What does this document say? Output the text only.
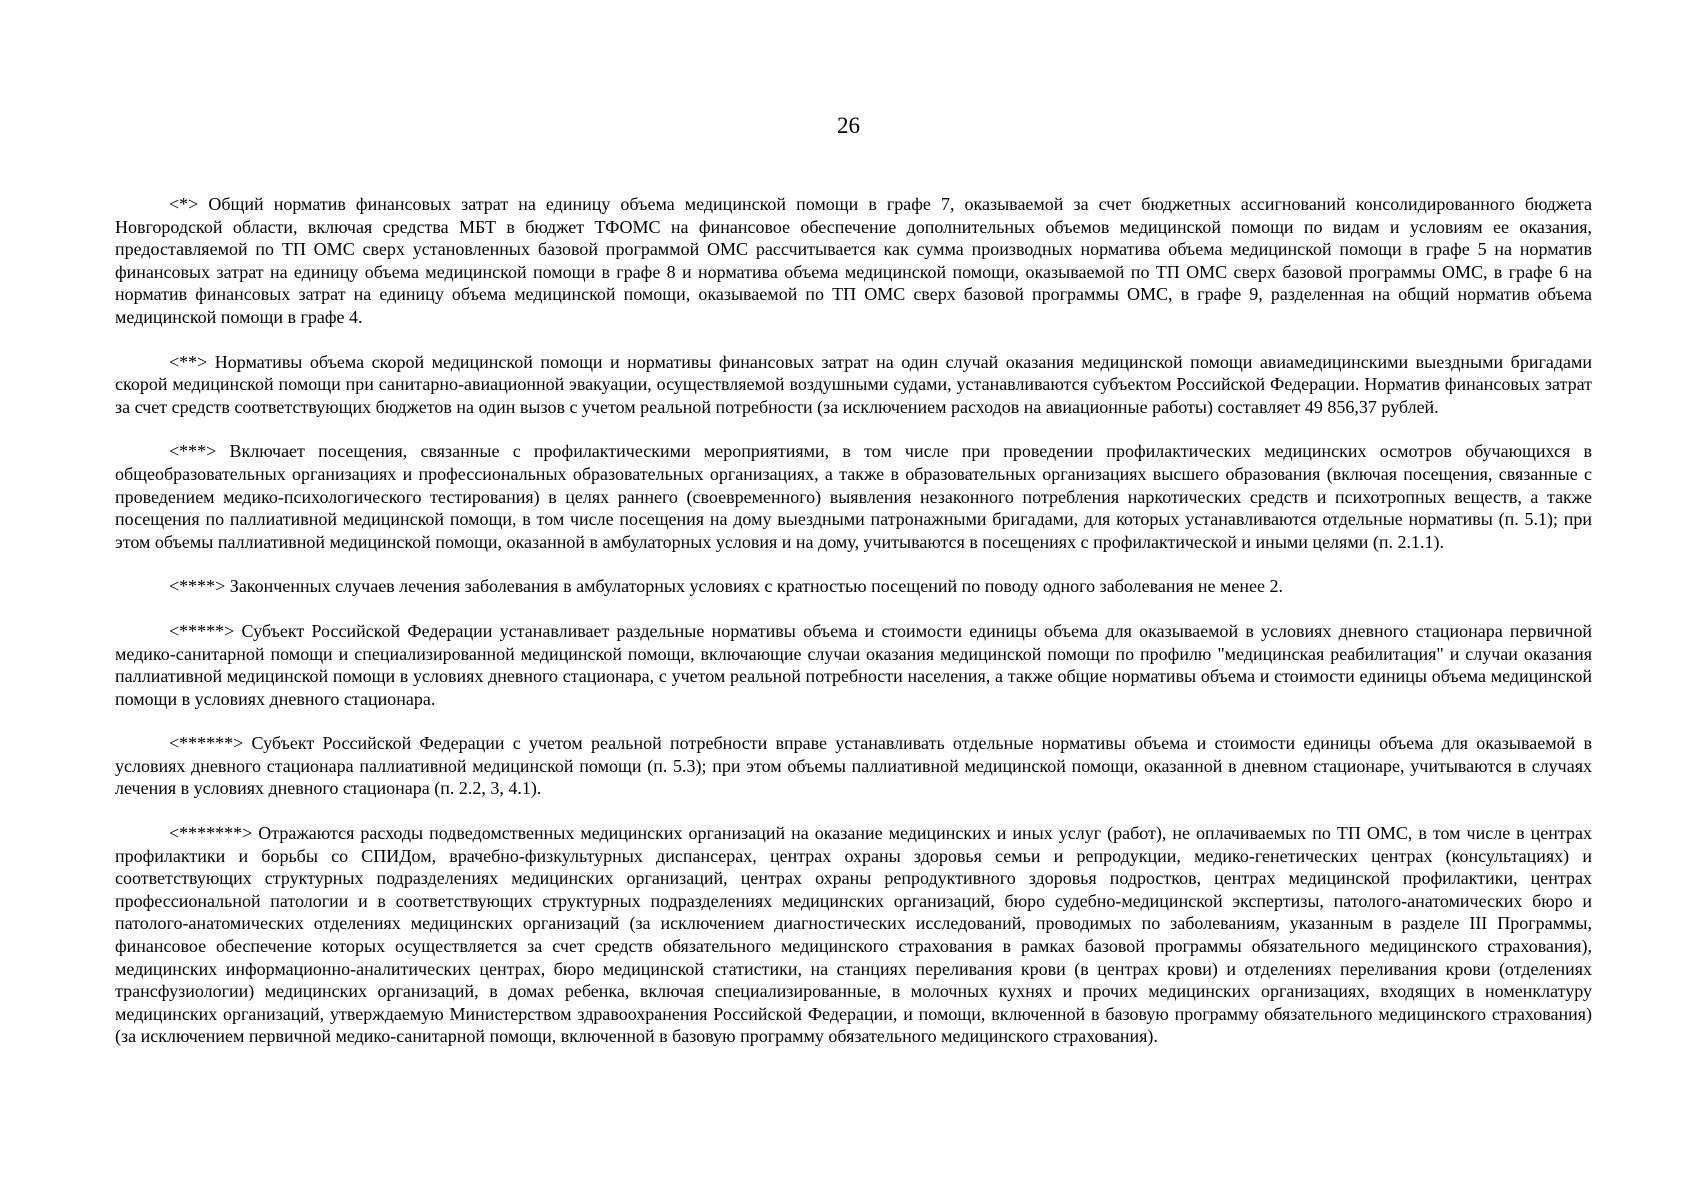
26

<*> Общий норматив финансовых затрат на единицу объема медицинской помощи в графе 7, оказываемой за счет бюджетных ассигнований консолидированного бюджета Новгородской области, включая средства МБТ в бюджет ТФОМС на финансовое обеспечение дополнительных объемов медицинской помощи по видам и условиям ее оказания, предоставляемой по ТП ОМС сверх установленных базовой программой ОМС рассчитывается как сумма производных норматива объема медицинской помощи в графе 5 на норматив финансовых затрат на единицу объема медицинской помощи в графе 8 и норматива объема медицинской помощи, оказываемой по ТП ОМС сверх базовой программы ОМС, в графе 6 на норматив финансовых затрат на единицу объема медицинской помощи, оказываемой по ТП ОМС сверх базовой программы ОМС, в графе 9, разделенная на общий норматив объема медицинской помощи в графе 4.

<**> Нормативы объема скорой медицинской помощи и нормативы финансовых затрат на один случай оказания медицинской помощи авиамедицинскими выездными бригадами скорой медицинской помощи при санитарно-авиационной эвакуации, осуществляемой воздушными судами, устанавливаются субъектом Российской Федерации. Норматив финансовых затрат за счет средств соответствующих бюджетов на один вызов с учетом реальной потребности (за исключением расходов на авиационные работы) составляет 49 856,37 рублей.

<***> Включает посещения, связанные с профилактическими мероприятиями, в том числе при проведении профилактических медицинских осмотров обучающихся в общеобразовательных организациях и профессиональных образовательных организациях, а также в образовательных организациях высшего образования (включая посещения, связанные с проведением медико-психологического тестирования) в целях раннего (своевременного) выявления незаконного потребления наркотических средств и психотропных веществ, а также посещения по паллиативной медицинской помощи, в том числе посещения на дому выездными патронажными бригадами, для которых устанавливаются отдельные нормативы (п. 5.1); при этом объемы паллиативной медицинской помощи, оказанной в амбулаторных условия и на дому, учитываются в посещениях с профилактической и иными целями (п. 2.1.1).

<****> Законченных случаев лечения заболевания в амбулаторных условиях с кратностью посещений по поводу одного заболевания не менее 2.

<*****> Субъект Российской Федерации устанавливает раздельные нормативы объема и стоимости единицы объема для оказываемой в условиях дневного стационара первичной медико-санитарной помощи и специализированной медицинской помощи, включающие случаи оказания медицинской помощи по профилю "медицинская реабилитация" и случаи оказания паллиативной медицинской помощи в условиях дневного стационара, с учетом реальной потребности населения, а также общие нормативы объема и стоимости единицы объема медицинской помощи в условиях дневного стационара.

<******> Субъект Российской Федерации с учетом реальной потребности вправе устанавливать отдельные нормативы объема и стоимости единицы объема для оказываемой в условиях дневного стационара паллиативной медицинской помощи (п. 5.3); при этом объемы паллиативной медицинской помощи, оказанной в дневном стационаре, учитываются в случаях лечения в условиях дневного стационара (п. 2.2, 3, 4.1).

<*******> Отражаются расходы подведомственных медицинских организаций на оказание медицинских и иных услуг (работ), не оплачиваемых по ТП ОМС, в том числе в центрах профилактики и борьбы со СПИДом, врачебно-физкультурных диспансерах, центрах охраны здоровья семьи и репродукции, медико-генетических центрах (консультациях) и соответствующих структурных подразделениях медицинских организаций, центрах охраны репродуктивного здоровья подростков, центрах медицинской профилактики, центрах профессиональной патологии и в соответствующих структурных подразделениях медицинских организаций, бюро судебно-медицинской экспертизы, патолого-анатомических бюро и патолого-анатомических отделениях медицинских организаций (за исключением диагностических исследований, проводимых по заболеваниям, указанным в разделе III Программы, финансовое обеспечение которых осуществляется за счет средств обязательного медицинского страхования в рамках базовой программы обязательного медицинского страхования), медицинских информационно-аналитических центрах, бюро медицинской статистики, на станциях переливания крови (в центрах крови) и отделениях переливания крови (отделениях трансфузиологии) медицинских организаций, в домах ребенка, включая специализированные, в молочных кухнях и прочих медицинских организациях, входящих в номенклатуру медицинских организаций, утверждаемую Министерством здравоохранения Российской Федерации, и помощи, включенной в базовую программу обязательного медицинского страхования) (за исключением первичной медико-санитарной помощи, включенной в базовую программу обязательного медицинского страхования).
